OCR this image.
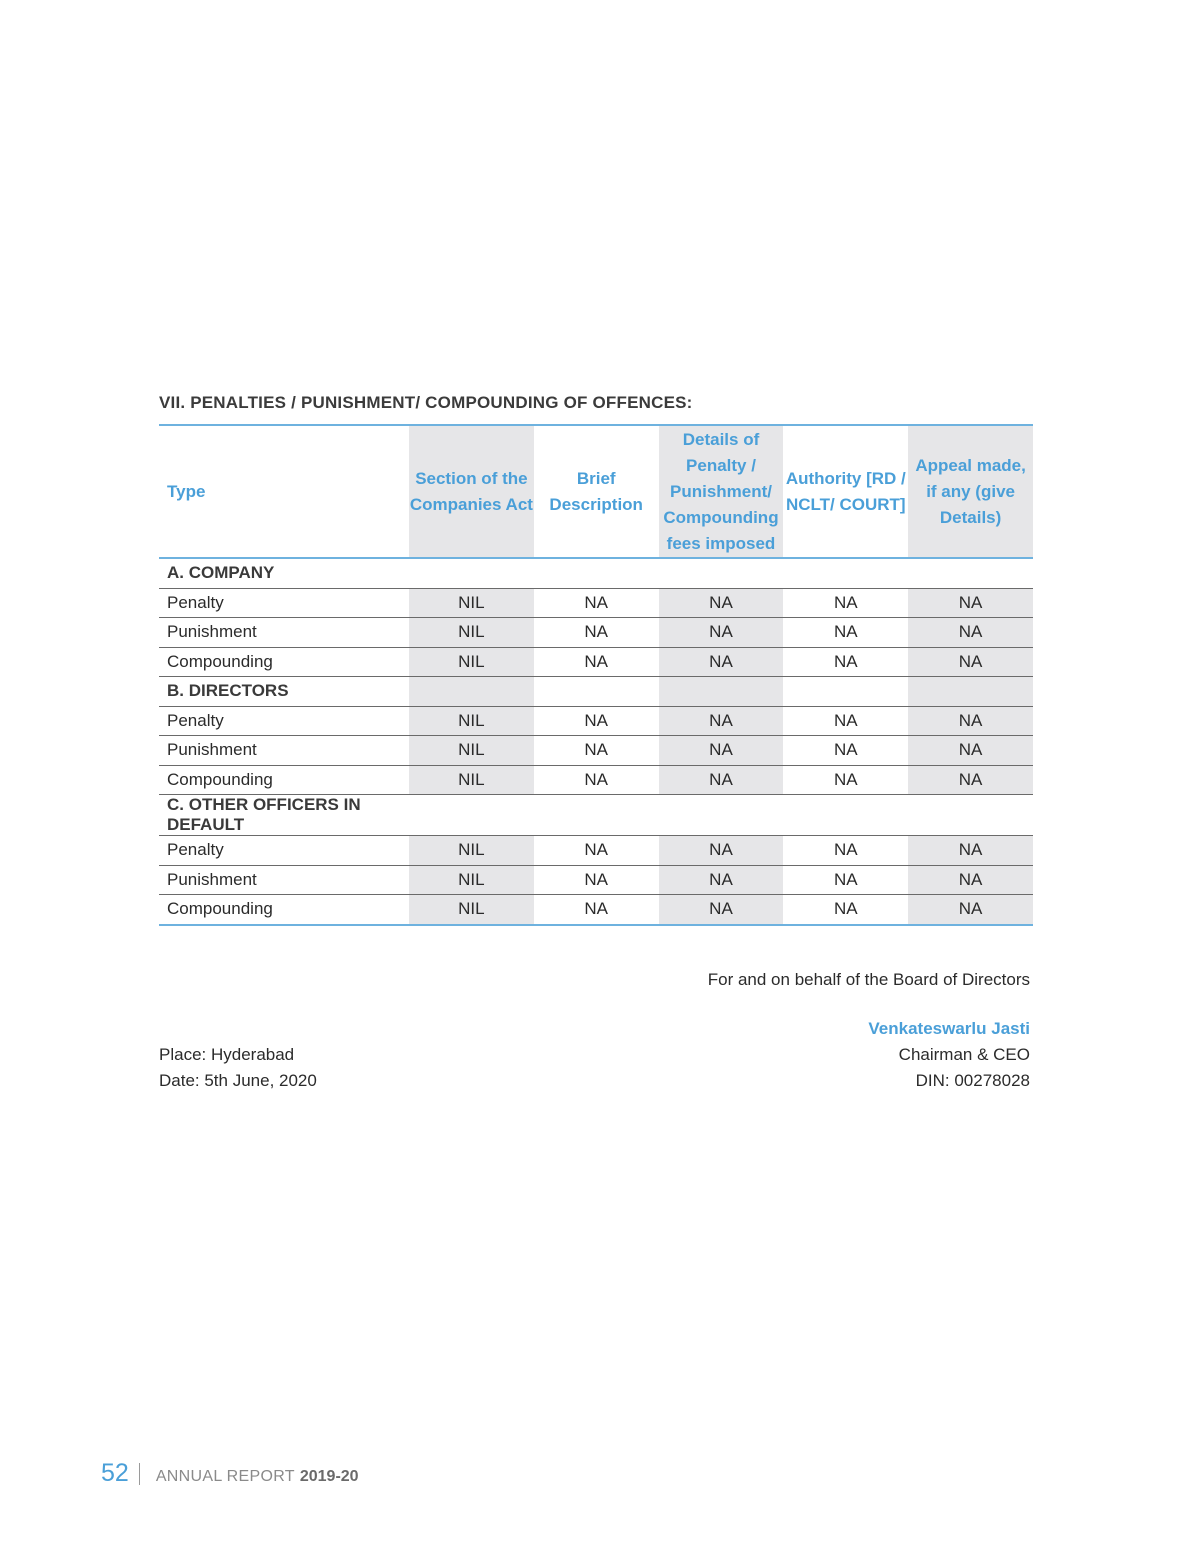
VII. PENALTIES / PUNISHMENT/ COMPOUNDING OF OFFENCES:
Type	Section of the Companies Act	Brief Description	Details of Penalty / Punishment/ Compounding fees imposed	Authority [RD / NCLT/ COURT]	Appeal made, if any (give Details)
A. COMPANY					
Penalty	NIL	NA	NA	NA	NA
Punishment	NIL	NA	NA	NA	NA
Compounding	NIL	NA	NA	NA	NA
B. DIRECTORS					
Penalty	NIL	NA	NA	NA	NA
Punishment	NIL	NA	NA	NA	NA
Compounding	NIL	NA	NA	NA	NA
C. OTHER OFFICERS IN DEFAULT					
Penalty	NIL	NA	NA	NA	NA
Punishment	NIL	NA	NA	NA	NA
Compounding	NIL	NA	NA	NA	NA
For and on behalf of the Board of Directors
Venkateswarlu Jasti
Chairman & CEO
DIN: 00278028
Place: Hyderabad
Date: 5th June, 2020
52 ANNUAL REPORT 2019-20
